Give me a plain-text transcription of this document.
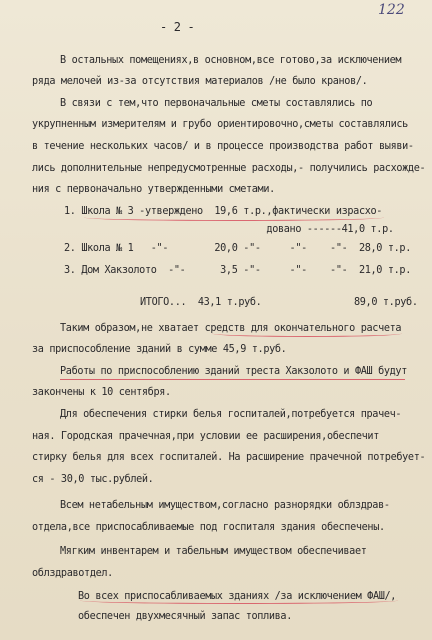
- 2 -
122
В остальных помещениях,в основном,все готово,за исключением
ряда мелочей из-за отсутствия материалов /не было кранов/.
В связи с тем,что первоначальные сметы составлялись по
укрупненным измерителям и грубо ориентировочно,сметы составлялись
в течение нескольких часов/ и в процессе производства работ выяви-
лись дополнительные непредусмотренные расходы,- получились расхожде-
ния с первоначально утвержденными сметами.
1. Школа № 3 -утверждено  19,6 т.р.,фактически израсхо-
довано ------41,0 т.р.
2. Школа № 1   -"-        20,0 -"-     -"-    -"-  28,0 т.р.
3. Дом Хакзолото  -"-      3,5 -"-     -"-    -"-  21,0 т.р.
ИТОГО...  43,1 т.руб.                89,0 т.руб.
Таким образом,не хватает средств для окончательного расчета
за приспособление зданий в сумме 45,9 т.руб.
Работы по приспособлению зданий треста Хакзолото и ФАШ будут
закончены к 10 сентября.
Для обеспечения стирки белья госпиталей,потребуется прачеч-
ная. Городская прачечная,при условии ее расширения,обеспечит
стирку белья для всех госпиталей. На расширение прачечной потребует-
ся - 30,0 тыс.рублей.
Всем нетабельным имуществом,согласно разнорядки облздрав-
отдела,все приспосабливаемые под госпиталя здания обеспечены.
Мягким инвентарем и табельным имуществом обеспечивает
облздравотдел.
Во всех приспосабливаемых зданиях /за исключением ФАШ/,
обеспечен двухмесячный запас топлива.
